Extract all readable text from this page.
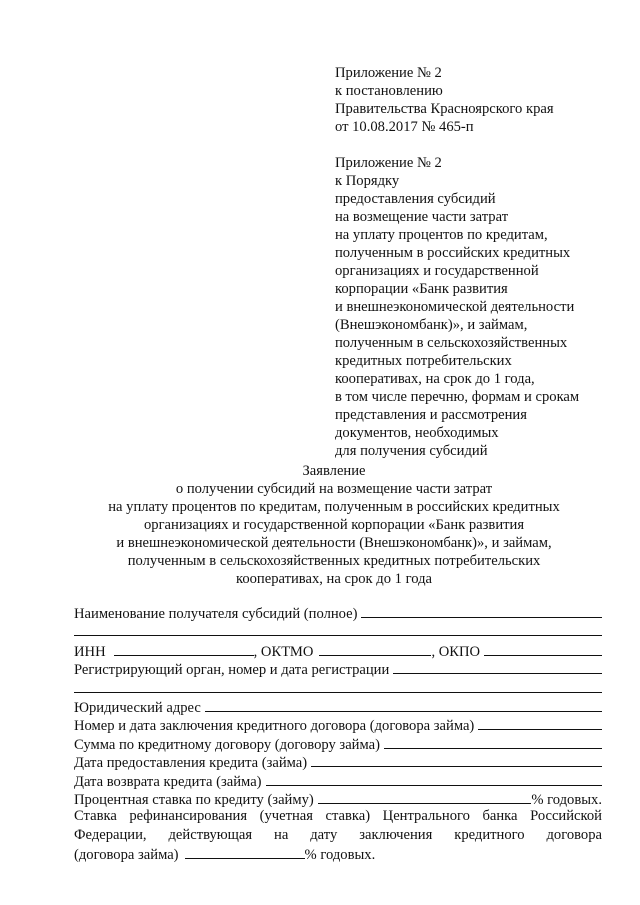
Приложение № 2
к постановлению
Правительства Красноярского края
от 10.08.2017 № 465-п
Приложение № 2
к Порядку
предоставления субсидий
на возмещение части затрат
на уплату процентов по кредитам,
полученным в российских кредитных
организациях и государственной
корпорации «Банк развития
и внешнеэкономической деятельности
(Внешэкономбанк)», и займам,
полученным в сельскохозяйственных
кредитных потребительских
кооперативах, на срок до 1 года,
в том числе перечню, формам и срокам
представления и рассмотрения
документов, необходимых
для получения субсидий
Заявление
о получении субсидий на возмещение части затрат
на уплату процентов по кредитам, полученным в российских кредитных
организациях и государственной корпорации «Банк развития
и внешнеэкономической деятельности (Внешэкономбанк)», и займам,
полученным в сельскохозяйственных кредитных потребительских
кооперативах, на срок до 1 года
Наименование получателя субсидий (полное)
ИНН	, ОКТМО	, ОКПО
Регистрирующий орган, номер и дата регистрации
Юридический адрес
Номер и дата заключения кредитного договора (договора займа)
Сумма по кредитному договору (договору займа)
Дата предоставления кредита (займа)
Дата возврата кредита (займа)
Процентная ставка по кредиту (займу)	% годовых.
Ставка рефинансирования (учетная ставка) Центрального банка Российской
Федерации, действующая на дату заключения кредитного договора
(договора займа)	% годовых.
